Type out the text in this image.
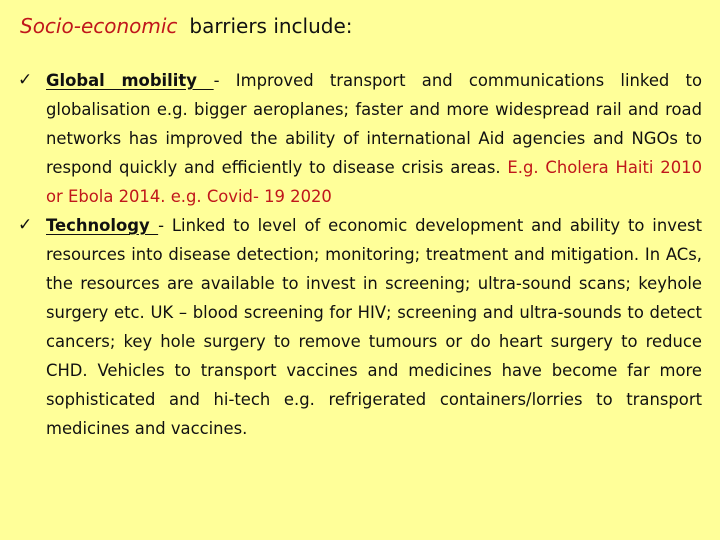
Socio-economic barriers include:
✓ Global mobility - Improved transport and communications linked to globalisation e.g. bigger aeroplanes; faster and more widespread rail and road networks has improved the ability of international Aid agencies and NGOs to respond quickly and efficiently to disease crisis areas. E.g. Cholera Haiti 2010 or Ebola 2014. e.g. Covid- 19 2020

✓ Technology - Linked to level of economic development and ability to invest resources into disease detection; monitoring; treatment and mitigation. In ACs, the resources are available to invest in screening; ultra-sound scans; keyhole surgery etc. UK – blood screening for HIV; screening and ultra-sounds to detect cancers; key hole surgery to remove tumours or do heart surgery to reduce CHD. Vehicles to transport vaccines and medicines have become far more sophisticated and hi-tech e.g. refrigerated containers/lorries to transport medicines and vaccines.
